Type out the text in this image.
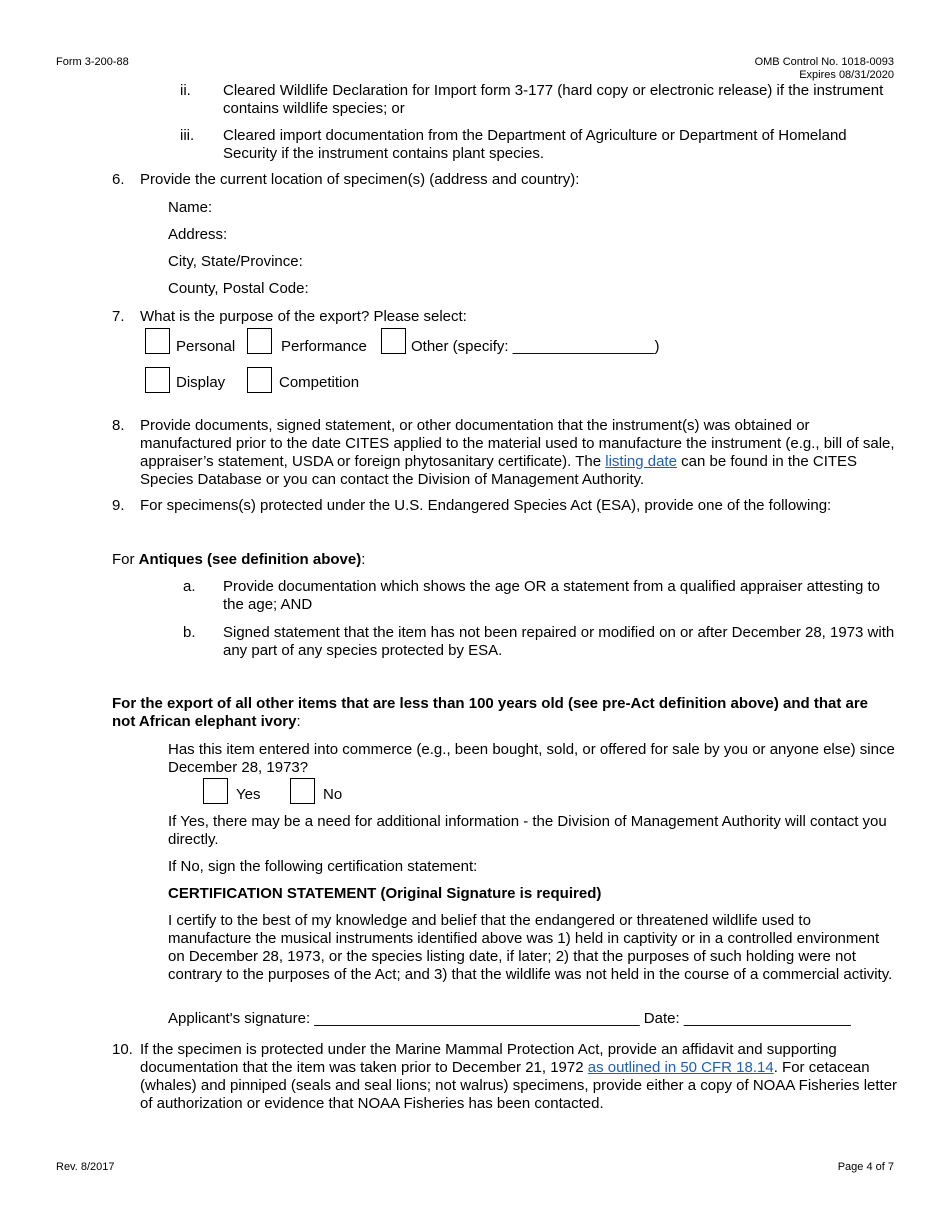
Form 3-200-88	OMB Control No. 1018-0093
Expires 08/31/2020
ii. Cleared Wildlife Declaration for Import form 3-177 (hard copy or electronic release) if the instrument contains wildlife species; or
iii. Cleared import documentation from the Department of Agriculture or Department of Homeland Security if the instrument contains plant species.
6. Provide the current location of specimen(s) (address and country):
Name:
Address:
City, State/Province:
County, Postal Code:
7. What is the purpose of the export? Please select:
Personal	Performance	Other (specify: _________________)
Display	Competition
8. Provide documents, signed statement, or other documentation that the instrument(s) was obtained or manufactured prior to the date CITES applied to the material used to manufacture the instrument (e.g., bill of sale, appraiser’s statement, USDA or foreign phytosanitary certificate). The listing date can be found in the CITES Species Database or you can contact the Division of Management Authority.
9. For specimens(s) protected under the U.S. Endangered Species Act (ESA), provide one of the following:
For Antiques (see definition above):
a. Provide documentation which shows the age OR a statement from a qualified appraiser attesting to the age; AND
b. Signed statement that the item has not been repaired or modified on or after December 28, 1973 with any part of any species protected by ESA.
For the export of all other items that are less than 100 years old (see pre-Act definition above) and that are not African elephant ivory:
Has this item entered into commerce (e.g., been bought, sold, or offered for sale by you or anyone else) since December 28, 1973?
Yes	No
If Yes, there may be a need for additional information - the Division of Management Authority will contact you directly.
If No, sign the following certification statement:
CERTIFICATION STATEMENT (Original Signature is required)
I certify to the best of my knowledge and belief that the endangered or threatened wildlife used to manufacture the musical instruments identified above was 1) held in captivity or in a controlled environment on December 28, 1973, or the species listing date, if later; 2) that the purposes of such holding were not contrary to the purposes of the Act; and 3) that the wildlife was not held in the course of a commercial activity.
Applicant's signature: _______________________________________ Date: ____________________
10. If the specimen is protected under the Marine Mammal Protection Act, provide an affidavit and supporting documentation that the item was taken prior to December 21, 1972 as outlined in 50 CFR 18.14. For cetacean (whales) and pinniped (seals and seal lions; not walrus) specimens, provide either a copy of NOAA Fisheries letter of authorization or evidence that NOAA Fisheries has been contacted.
Rev. 8/2017	Page 4 of 7
